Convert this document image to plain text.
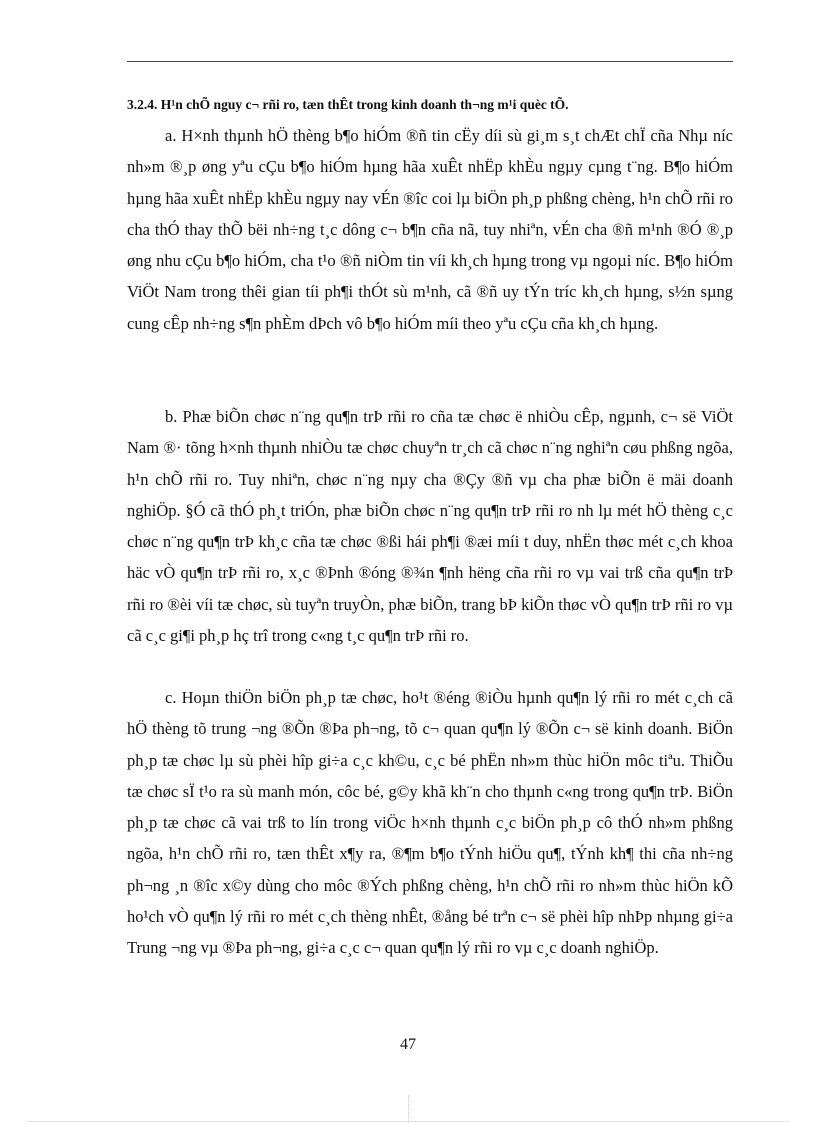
3.2.4. H¹n chÕ nguy c¬ rñi ro, tæn thÊt trong kinh doanh th¬ng m¹i quèc tÕ.

a. H×nh thµnh hÖ thèng b¶o hiÓm ®ñ tin cËy díi sù gi¸m s¸t chÆt chÏ cña Nhµ níc nh»m ®¸p øng yªu cÇu b¶o hiÓm hµng hãa xuÊt nhËp khÈu ngµy cµng t¨ng. B¶o hiÓm hµng hãa xuÊt nhËp khÈu ngµy nay vÉn ®îc coi lµ biÖn ph¸p phßng chèng, h¹n chÕ rñi ro cha thÓ thay thÕ bëi nh÷ng t¸c dông c¬ b¶n cña nã, tuy nhiªn, vÉn cha ®ñ m¹nh ®Ó ®¸p øng nhu cÇu b¶o hiÓm, cha t¹o ®ñ niÒm tin víi kh¸ch hµng trong vµ ngoµi níc. B¶o hiÓm ViÖt Nam trong thêi gian tíi ph¶i thÓt sù m¹nh, cã ®ñ uy tÝn tríc kh¸ch hµng, s½n sµng cung cÊp nh÷ng s¶n phÈm dÞch vô b¶o hiÓm míi theo yªu cÇu cña kh¸ch hµng.

b. Phæ biÕn chøc n¨ng qu¶n trÞ rñi ro cña tæ chøc ë nhiÒu cÊp, ngµnh, c¬ së ViÖt Nam ®· tõng h×nh thµnh nhiÒu tæ chøc chuyªn tr¸ch cã chøc n¨ng nghiªn cøu phßng ngõa, h¹n chÕ rñi ro. Tuy nhiªn, chøc n¨ng nµy cha ®Çy ®ñ vµ cha phæ biÕn ë mäi doanh nghiÖp. §Ó cã thÓ ph¸t triÓn, phæ biÕn chøc n¨ng qu¶n trÞ rñi ro nh lµ mét hÖ thèng c¸c chøc n¨ng qu¶n trÞ kh¸c cña tæ chøc ®ßi hái ph¶i ®æi míi t duy, nhËn thøc mét c¸ch khoa häc vÒ qu¶n trÞ rñi ro, x¸c ®Þnh ®óng ®¾n ¶nh hëng cña rñi ro vµ vai trß cña qu¶n trÞ rñi ro ®èi víi tæ chøc, sù tuyªn truyÒn, phæ biÕn, trang bÞ kiÕn thøc vÒ qu¶n trÞ rñi ro vµ cã c¸c gi¶i ph¸p hç trî trong c«ng t¸c qu¶n trÞ rñi ro.

c. Hoµn thiÖn biÖn ph¸p tæ chøc, ho¹t ®éng ®iÒu hµnh qu¶n lý rñi ro mét c¸ch cã hÖ thèng tõ trung ¬ng ®Õn ®Þa ph¬ng, tõ c¬ quan qu¶n lý ®Õn c¬ së kinh doanh. BiÖn ph¸p tæ chøc lµ sù phèi hîp gi÷a c¸c kh©u, c¸c bé phËn nh»m thùc hiÖn môc tiªu. ThiÕu tæ chøc sÏ t¹o ra sù manh món, côc bé, g©y khã kh¨n cho thµnh c«ng trong qu¶n trÞ. BiÖn ph¸p tæ chøc cã vai trß to lín trong viÖc h×nh thµnh c¸c biÖn ph¸p cô thÓ nh»m phßng ngõa, h¹n chÕ rñi ro, tæn thÊt x¶y ra, ®¶m b¶o tÝnh hiÖu qu¶, tÝnh kh¶ thi cña nh÷ng ph¬ng ¸n ®îc x©y dùng cho môc ®Ých phßng chèng, h¹n chÕ rñi ro nh»m thùc hiÖn kÕ ho¹ch vÒ qu¶n lý rñi ro mét c¸ch thèng nhÊt, ®ång bé trªn c¬ së phèi hîp nhÞp nhµng gi÷a Trung ¬ng vµ ®Þa ph¬ng, gi÷a c¸c c¬ quan qu¶n lý rñi ro vµ c¸c doanh nghiÖp.

47
